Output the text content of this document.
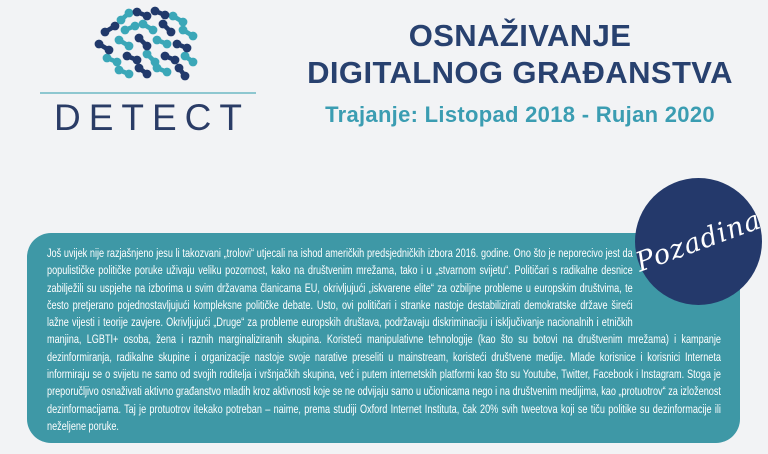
DETECT
OSNAŽIVANJE
DIGITALNOG GRAĐANSTVA
Trajanje: Listopad 2018 - Rujan 2020

Još uvijek nije razjašnjeno jesu li takozvani „trolovi“ utjecali na ishod američkih predsjedničkih izbora 2016. godine. Ono što je neporecivo jest da populističke političke poruke uživaju veliku pozornost, kako na društvenim mrežama, tako i u „stvarnom svijetu“. Političari s radikalne desnice zabilježili su uspjehe na izborima u svim državama članicama EU, okrivljujući „iskvarene elite“ za ozbiljne probleme u europskim društvima, te često pretjerano pojednostavljujući kompleksne političke debate. Usto, ovi političari i stranke nastoje destabilizirati demokratske države šireći lažne vijesti i teorije zavjere. Okrivljujući „Druge“ za probleme europskih društava, podržavaju diskriminaciju i isključivanje nacionalnih i etničkih manjina, LGBTI+ osoba, žena i raznih marginaliziranih skupina. Koristeći manipulativne tehnologije (kao što su botovi na društvenim mrežama) i kampanje dezinformiranja, radikalne skupine i organizacije nastoje svoje narative preseliti u mainstream, koristeći društvene medije. Mlade korisnice i korisnici Interneta informiraju se o svijetu ne samo od svojih roditelja i vršnjačkih skupina, već i putem internetskih platformi kao što su Youtube, Twitter, Facebook i Instagram. Stoga je preporučljivo osnaživati aktivno građanstvo mladih kroz aktivnosti koje se ne odvijaju samo u učionicama nego i na društvenim medijima, kao „protuotrov“ za izloženost dezinformacijama. Taj je protuotrov itekako potreban – naime, prema studiji Oxford Internet Instituta, čak 20% svih tweetova koji se tiču politike su dezinformacije ili neželjene poruke.

Pozadina
